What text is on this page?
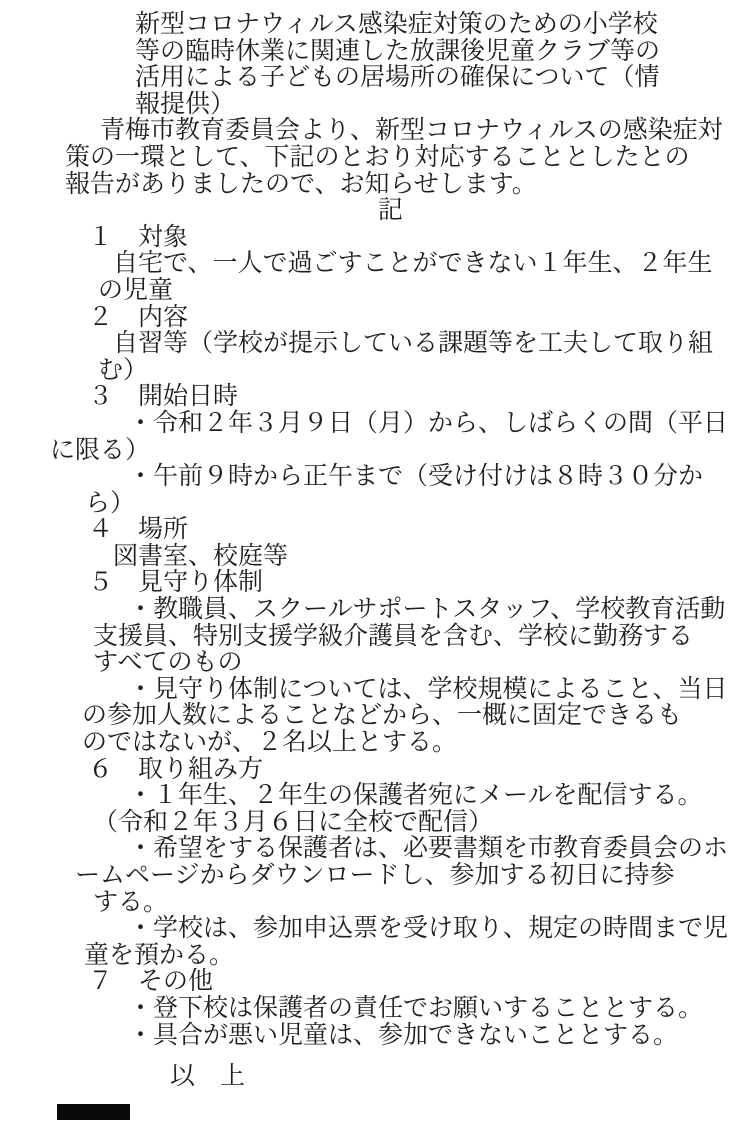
新型コロナウィルス感染症対策のための小学校
等の臨時休業に関連した放課後児童クラブ等の
活用による子どもの居場所の確保について（情
報提供）
青梅市教育委員会より、新型コロナウィルスの感染症対
策の一環として、下記のとおり対応することとしたとの
報告がありましたので、お知らせします。
記
１　対象
自宅で、一人で過ごすことができない１年生、２年生
の児童
２　内容
自習等（学校が提示している課題等を工夫して取り組
む）
３　開始日時
・令和２年３月９日（月）から、しばらくの間（平日
に限る）
・午前９時から正午まで（受け付けは８時３０分か
ら）
４　場所
図書室、校庭等
５　見守り体制
・教職員、スクールサポートスタッフ、学校教育活動
支援員、特別支援学級介護員を含む、学校に勤務する
すべてのもの
・見守り体制については、学校規模によること、当日
の参加人数によることなどから、一概に固定できるも
のではないが、２名以上とする。
６　取り組み方
・１年生、２年生の保護者宛にメールを配信する。
（令和２年３月６日に全校で配信）
・希望をする保護者は、必要書類を市教育委員会のホ
ームページからダウンロードし、参加する初日に持参
する。
・学校は、参加申込票を受け取り、規定の時間まで児
童を預かる。
７　その他
・登下校は保護者の責任でお願いすることとする。
・具合が悪い児童は、参加できないこととする。
以　上
